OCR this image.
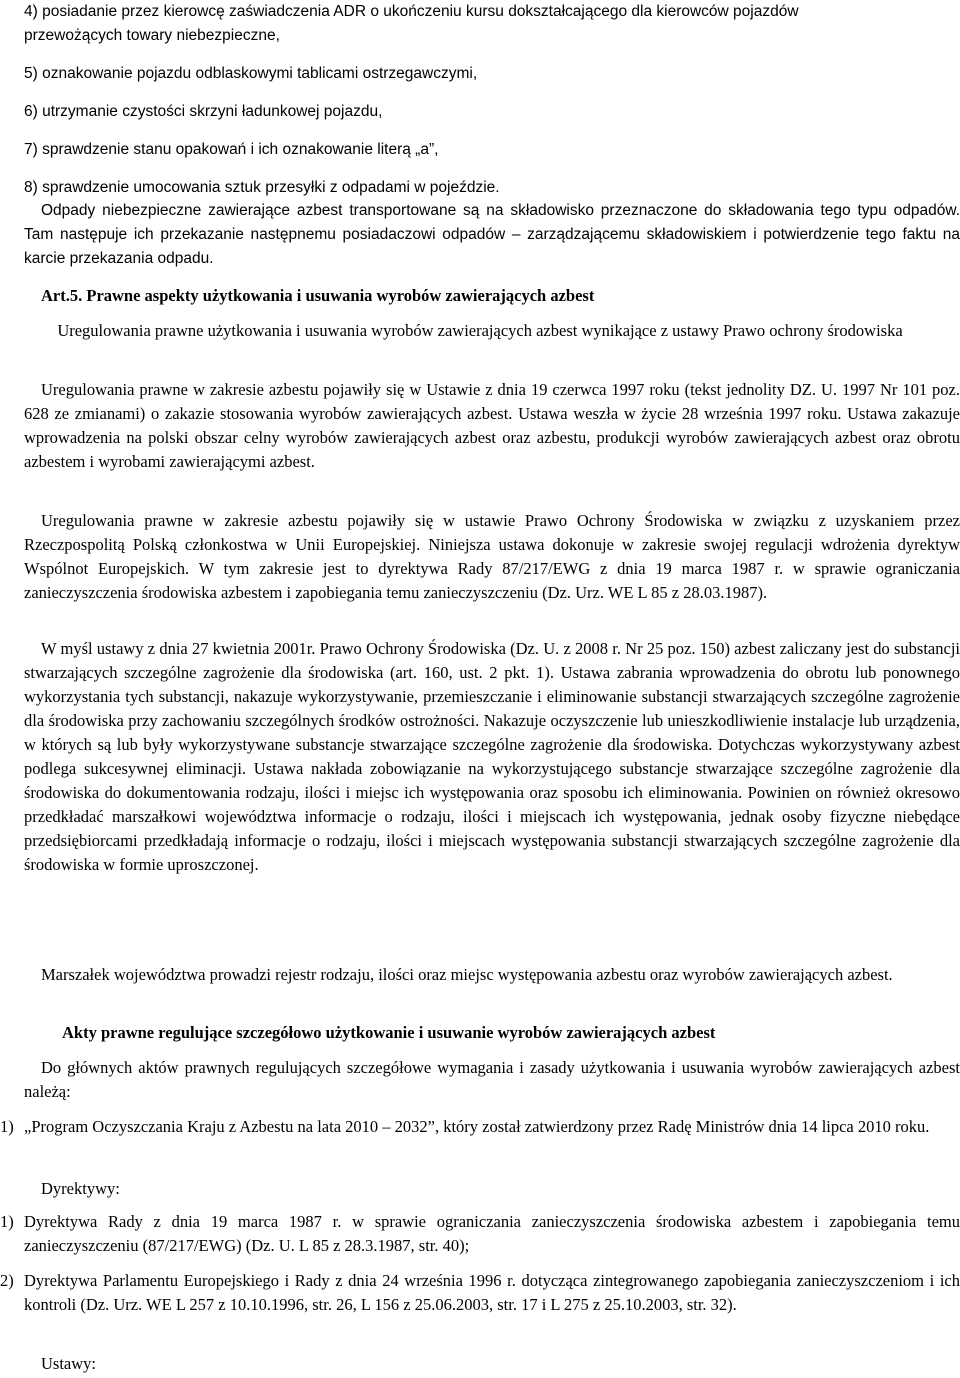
4) posiadanie przez kierowcę zaświadczenia ADR o ukończeniu kursu dokształcającego dla kierowców pojazdów
przewożących towary niebezpieczne,

5) oznakowanie pojazdu odblaskowymi tablicami ostrzegawczymi,

6) utrzymanie czystości skrzyni ładunkowej pojazdu,

7) sprawdzenie stanu opakowań i ich oznakowanie literą „a”,

8) sprawdzenie umocowania sztuk przesyłki z odpadami w pojeździe.

Odpady niebezpieczne zawierające azbest transportowane są na składowisko przeznaczone do składowania tego typu odpadów. Tam następuje ich przekazanie następnemu posiadaczowi odpadów – zarządzającemu składowiskiem i potwierdzenie tego faktu na karcie przekazania odpadu.

Art.5. Prawne aspekty użytkowania i usuwania wyrobów zawierających azbest

Uregulowania prawne użytkowania i usuwania wyrobów zawierających azbest wynikające z ustawy Prawo ochrony środowiska

Uregulowania prawne w zakresie azbestu pojawiły się w Ustawie z dnia 19 czerwca 1997 roku (tekst jednolity DZ. U. 1997 Nr 101 poz. 628 ze zmianami) o zakazie stosowania wyrobów zawierających azbest. Ustawa weszła w życie 28 września 1997 roku. Ustawa zakazuje wprowadzenia na polski obszar celny wyrobów zawierających azbest oraz azbestu, produkcji wyrobów zawierających azbest oraz obrotu azbestem i wyrobami zawierającymi azbest.

Uregulowania prawne w zakresie azbestu pojawiły się w ustawie Prawo Ochrony Środowiska w związku z uzyskaniem przez Rzeczpospolitą Polską członkostwa w Unii Europejskiej. Niniejsza ustawa dokonuje w zakresie swojej regulacji wdrożenia dyrektyw Wspólnot Europejskich. W tym zakresie jest to dyrektywa Rady 87/217/EWG z dnia 19 marca 1987 r. w sprawie ograniczania zanieczyszczenia środowiska azbestem i zapobiegania temu zanieczyszczeniu (Dz. Urz. WE L 85 z 28.03.1987).

W myśl ustawy z dnia 27 kwietnia 2001r. Prawo Ochrony Środowiska (Dz. U. z 2008 r. Nr 25 poz. 150) azbest zaliczany jest do substancji stwarzających szczególne zagrożenie dla środowiska (art. 160, ust. 2 pkt. 1). Ustawa zabrania wprowadzenia do obrotu lub ponownego wykorzystania tych substancji, nakazuje wykorzystywanie, przemieszczanie i eliminowanie substancji stwarzających szczególne zagrożenie dla środowiska przy zachowaniu szczególnych środków ostrożności. Nakazuje oczyszczenie lub unieszkodliwienie instalacje lub urządzenia, w których są lub były wykorzystywane substancje stwarzające szczególne zagrożenie dla środowiska. Dotychczas wykorzystywany azbest podlega sukcesywnej eliminacji. Ustawa nakłada zobowiązanie na wykorzystującego substancje stwarzające szczególne zagrożenie dla środowiska do dokumentowania rodzaju, ilości i miejsc ich występowania oraz sposobu ich eliminowania. Powinien on również okresowo przedkładać marszałkowi województwa informacje o rodzaju, ilości i miejscach ich występowania, jednak osoby fizyczne niebędące przedsiębiorcami przedkładają informacje o rodzaju, ilości i miejscach występowania substancji stwarzających szczególne zagrożenie dla środowiska w formie uproszczonej.

Marszałek województwa prowadzi rejestr rodzaju, ilości oraz miejsc występowania azbestu oraz wyrobów zawierających azbest.

Akty prawne regulujące szczegółowo użytkowanie i usuwanie wyrobów zawierających azbest

Do głównych aktów prawnych regulujących szczegółowe wymagania i zasady użytkowania i usuwania wyrobów zawierających azbest należą:

1) „Program Oczyszczania Kraju z Azbestu na lata 2010 – 2032”, który został zatwierdzony przez Radę Ministrów dnia 14 lipca 2010 roku.

Dyrektywy:

1) Dyrektywa Rady z dnia 19 marca 1987 r. w sprawie ograniczania zanieczyszczenia środowiska azbestem i zapobiegania temu zanieczyszczeniu (87/217/EWG) (Dz. U. L 85 z 28.3.1987, str. 40);
2) Dyrektywa Parlamentu Europejskiego i Rady z dnia 24 września 1996 r. dotycząca zintegrowanego zapobiegania zanieczyszczeniom i ich kontroli (Dz. Urz. WE L 257 z 10.10.1996, str. 26, L 156 z 25.06.2003, str. 17 i L 275 z 25.10.2003, str. 32).

Ustawy:
